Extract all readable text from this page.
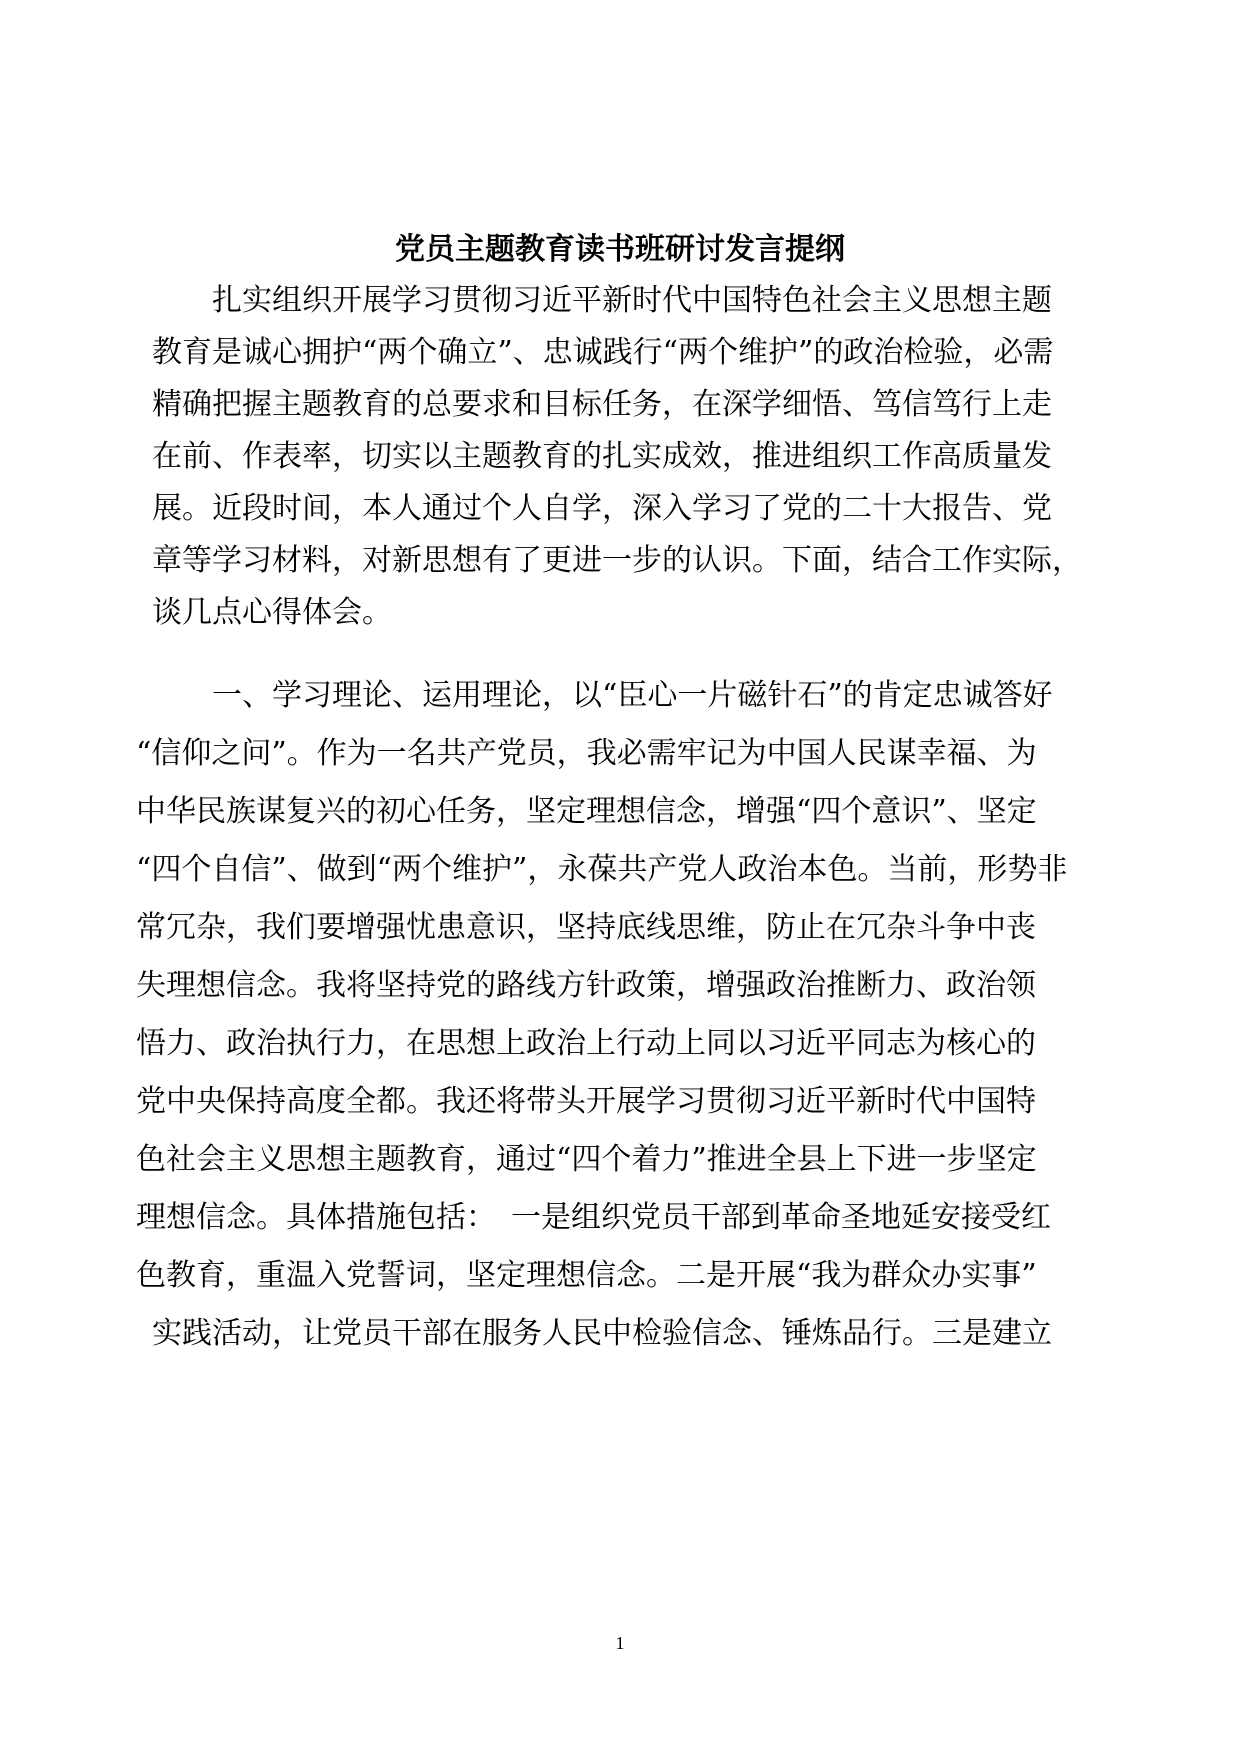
党员主题教育读书班研讨发言提纲
扎实组织开展学习贯彻习近平新时代中国特色社会主义思想主题
教育是诚心拥护“两个确立”、忠诚践行“两个维护”的政治检验，必需
精确把握主题教育的总要求和目标任务，在深学细悟、笃信笃行上走
在前、作表率，切实以主题教育的扎实成效，推进组织工作高质量发
展。近段时间，本人通过个人自学，深入学习了党的二十大报告、党
章等学习材料，对新思想有了更进一步的认识。下面，结合工作实际，
谈几点心得体会。
一、学习理论、运用理论，以“臣心一片磁针石”的肯定忠诚答好
“信仰之问”。作为一名共产党员，我必需牢记为中国人民谋幸福、为
中华民族谋复兴的初心任务，坚定理想信念，增强“四个意识”、坚定
“四个自信”、做到“两个维护”，永葆共产党人政治本色。当前，形势非
常冗杂，我们要增强忧患意识，坚持底线思维，防止在冗杂斗争中丧
失理想信念。我将坚持党的路线方针政策，增强政治推断力、政治领
悟力、政治执行力，在思想上政治上行动上同以习近平同志为核心的
党中央保持高度全都。我还将带头开展学习贯彻习近平新时代中国特
色社会主义思想主题教育，通过“四个着力”推进全县上下进一步坚定
理想信念。具体措施包括：　一是组织党员干部到革命圣地延安接受红
色教育，重温入党誓词，坚定理想信念。二是开展“我为群众办实事”
实践活动，让党员干部在服务人民中检验信念、锤炼品行。三是建立
1
